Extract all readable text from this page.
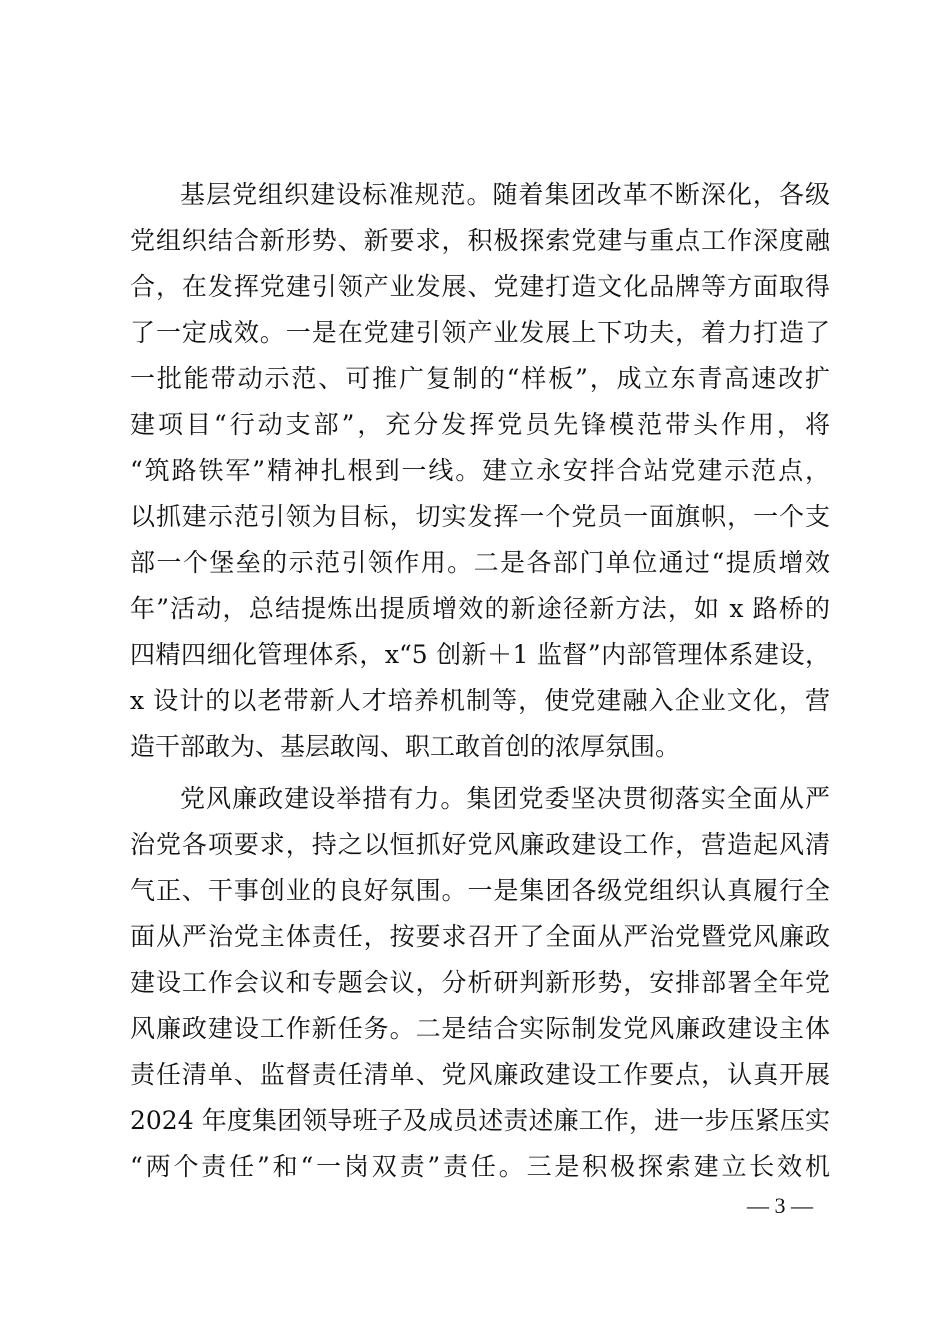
基层党组织建设标准规范。随着集团改革不断深化，各级
党组织结合新形势、新要求，积极探索党建与重点工作深度融
合，在发挥党建引领产业发展、党建打造文化品牌等方面取得
了一定成效。一是在党建引领产业发展上下功夫，着力打造了
一批能带动示范、可推广复制的“样板”，成立东青高速改扩
建项目“行动支部”，充分发挥党员先锋模范带头作用，将
“筑路铁军”精神扎根到一线。建立永安拌合站党建示范点，
以抓建示范引领为目标，切实发挥一个党员一面旗帜，一个支
部一个堡垒的示范引领作用。二是各部门单位通过“提质增效
年”活动，总结提炼出提质增效的新途径新方法，如 x 路桥的
四精四细化管理体系，x“5 创新＋1 监督”内部管理体系建设，
x 设计的以老带新人才培养机制等，使党建融入企业文化，营
造干部敢为、基层敢闯、职工敢首创的浓厚氛围。
党风廉政建设举措有力。集团党委坚决贯彻落实全面从严
治党各项要求，持之以恒抓好党风廉政建设工作，营造起风清
气正、干事创业的良好氛围。一是集团各级党组织认真履行全
面从严治党主体责任，按要求召开了全面从严治党暨党风廉政
建设工作会议和专题会议，分析研判新形势，安排部署全年党
风廉政建设工作新任务。二是结合实际制发党风廉政建设主体
责任清单、监督责任清单、党风廉政建设工作要点，认真开展
2024 年度集团领导班子及成员述责述廉工作，进一步压紧压实
“两个责任”和“一岗双责”责任。三是积极探索建立长效机
— 3 —
